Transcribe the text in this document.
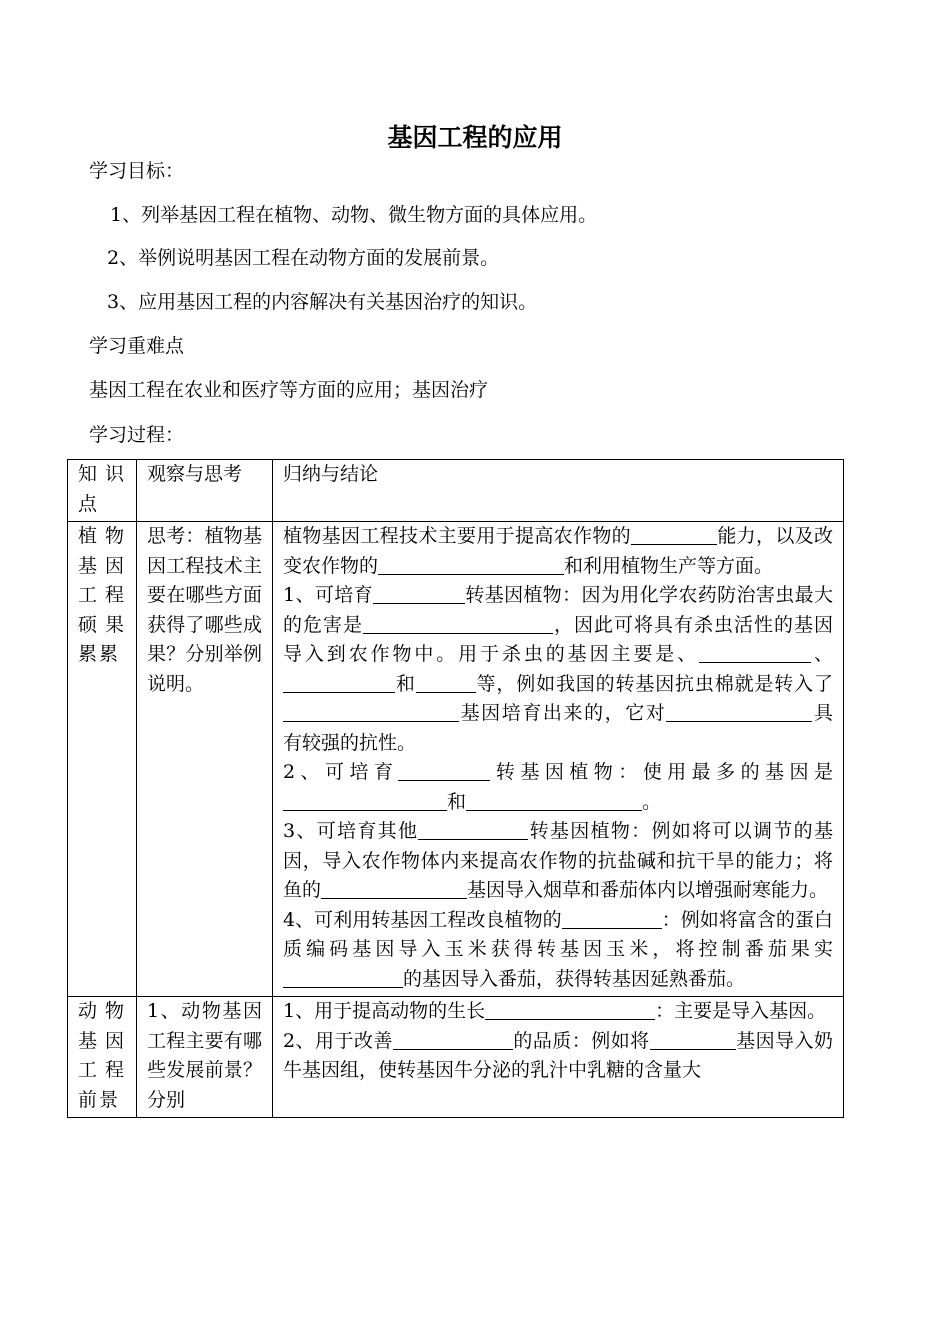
基因工程的应用
学习目标：
1、列举基因工程在植物、动物、微生物方面的具体应用。
2、举例说明基因工程在动物方面的发展前景。
3、应用基因工程的内容解决有关基因治疗的知识。
学习重难点
基因工程在农业和医疗等方面的应用；基因治疗
学习过程：
知识点	观察与思考	归纳与结论
植物基因工程硕果累累	思考：植物基因工程技术主要在哪些方面获得了哪些成果？分别举例说明。	植物基因工程技术主要用于提高农作物的 能力，以及改变农作物的 和利用植物生产等方面。
1、可培育 转基因植物：因为用化学农药防治害虫最大的危害是 ，因此可将具有杀虫活性的基因导入到农作物中。用于杀虫的基因主要是、 、和 等，例如我国的转基因抗虫棉就是转入了基因培育出来的，它对 具有较强的抗性。
2、可培育 转基因植物：使用最多的基因是和 。
3、可培育其他 转基因植物：例如将可以调节的基因，导入农作物体内来提高农作物的抗盐碱和抗干旱的能力；将鱼的 基因导入烟草和番茄体内以增强耐寒能力。
4、可利用转基因工程改良植物的 ：例如将富含的蛋白质编码基因导入玉米获得转基因玉米，将控制番茄果实的基因导入番茄，获得转基因延熟番茄。

动物基因工程前景	1、动物基因工程主要有哪些发展前景？分别	1、用于提高动物的生长 ：主要是导入基因。
2、用于改善 的品质：例如将 基因导入奶牛基因组，使转基因牛分泌的乳汁中乳糖的含量大
